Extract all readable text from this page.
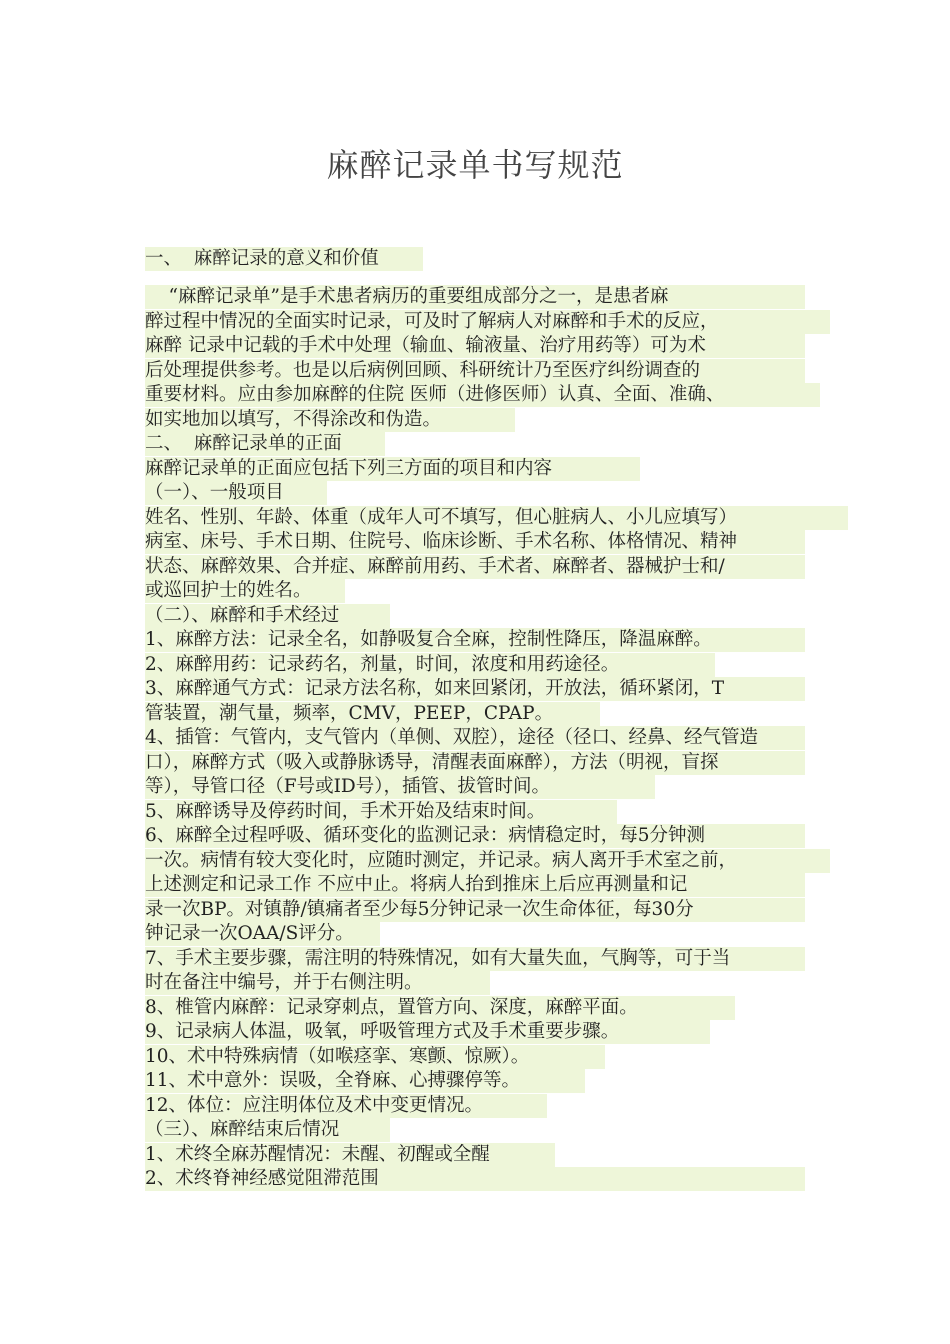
麻醉记录单书写规范
一、  麻醉记录的意义和价值
“麻醉记录单”是手术患者病历的重要组成部分之一，是患者麻
醉过程中情况的全面实时记录，可及时了解病人对麻醉和手术的反应，
麻醉 记录中记载的手术中处理（输血、输液量、治疗用药等）可为术
后处理提供参考。也是以后病例回顾、科研统计乃至医疗纠纷调查的
重要材料。应由参加麻醉的住院 医师（进修医师）认真、全面、准确、
如实地加以填写，不得涂改和伪造。
二、  麻醉记录单的正面
麻醉记录单的正面应包括下列三方面的项目和内容
（一）、一般项目
姓名、性别、年龄、体重（成年人可不填写，但心脏病人、小儿应填写）
病室、床号、手术日期、住院号、临床诊断、手术名称、体格情况、精神
状态、麻醉效果、合并症、麻醉前用药、手术者、麻醉者、器械护士和/
或巡回护士的姓名。
（二）、麻醉和手术经过
1、麻醉方法：记录全名，如静吸复合全麻，控制性降压，降温麻醉。
2、麻醉用药：记录药名，剂量，时间，浓度和用药途径。
3、麻醉通气方式：记录方法名称，如来回紧闭，开放法，循环紧闭，T
管装置，潮气量，频率，CMV，PEEP，CPAP。
4、插管：气管内，支气管内（单侧、双腔），途径（径口、经鼻、经气管造
口），麻醉方式（吸入或静脉诱导，清醒表面麻醉），方法（明视，盲探
等），导管口径（F号或ID号），插管、拔管时间。
5、麻醉诱导及停药时间，手术开始及结束时间。
6、麻醉全过程呼吸、循环变化的监测记录：病情稳定时，每5分钟测
一次。病情有较大变化时，应随时测定，并记录。病人离开手术室之前，
上述测定和记录工作 不应中止。将病人抬到推床上后应再测量和记
录一次BP。对镇静/镇痛者至少每5分钟记录一次生命体征，每30分
钟记录一次OAA/S评分。
7、手术主要步骤，需注明的特殊情况，如有大量失血，气胸等，可于当
时在备注中编号，并于右侧注明。
8、椎管内麻醉：记录穿刺点，置管方向、深度，麻醉平面。
9、记录病人体温，吸氧，呼吸管理方式及手术重要步骤。
10、术中特殊病情（如喉痉挛、寒颤、惊厥）。
11、术中意外：误吸，全脊麻、心搏骤停等。
12、体位：应注明体位及术中变更情况。
（三）、麻醉结束后情况
1、术终全麻苏醒情况：未醒、初醒或全醒
2、术终脊神经感觉阻滞范围
